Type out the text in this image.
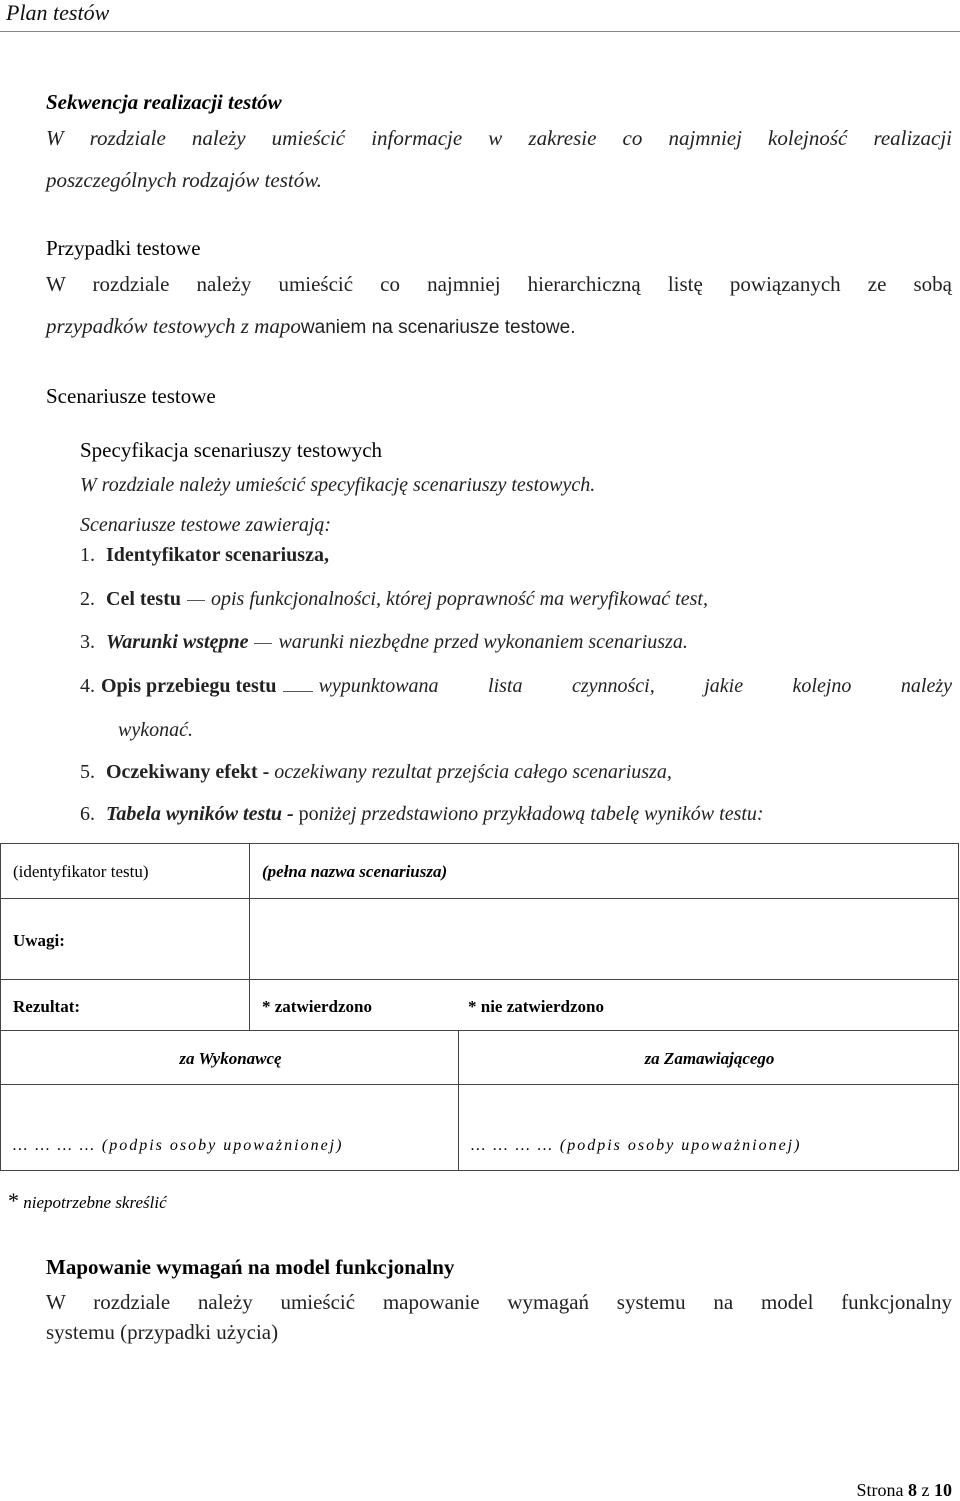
Plan testów
Sekwencja realizacji testów
W rozdziale należy umieścić informacje w zakresie co najmniej kolejność realizacji
poszczególnych rodzajów testów.
Przypadki testowe
W rozdziale należy umieścić co najmniej hierarchiczną listę powiązanych ze sobą
przypadków testowych z mapowaniem na scenariusze testowe.
Scenariusze testowe
Specyfikacja scenariuszy testowych
W rozdziale należy umieścić specyfikację scenariuszy testowych.
Scenariusze testowe zawierają:
1. Identyfikator scenariusza,
2. Cel testu opis funkcjonalności, której poprawność ma weryfikować test,
3. Warunki wstępne warunki niezbędne przed wykonaniem scenariusza.
4. Opis przebiegu testu wypunktowana lista czynności, jakie kolejno należy
wykonać.
5. Oczekiwany efekt - oczekiwany rezultat przejścia całego scenariusza,
6. Tabela wyników testu - poniżej przedstawiono przykładową tabelę wyników testu:
(identyfikator testu)	(pełna nazwa scenariusza)
Uwagi:
Rezultat:	* zatwierdzono	* nie zatwierdzono
za Wykonawcę	za Zamawiającego
… … … … (podpis osoby upoważnionej)	… … … … (podpis osoby upoważnionej)
* niepotrzebne skreślić
Mapowanie wymagań na model funkcjonalny
W rozdziale należy umieścić mapowanie wymagań systemu na model funkcjonalny
systemu (przypadki użycia)
Strona 8 z 10
